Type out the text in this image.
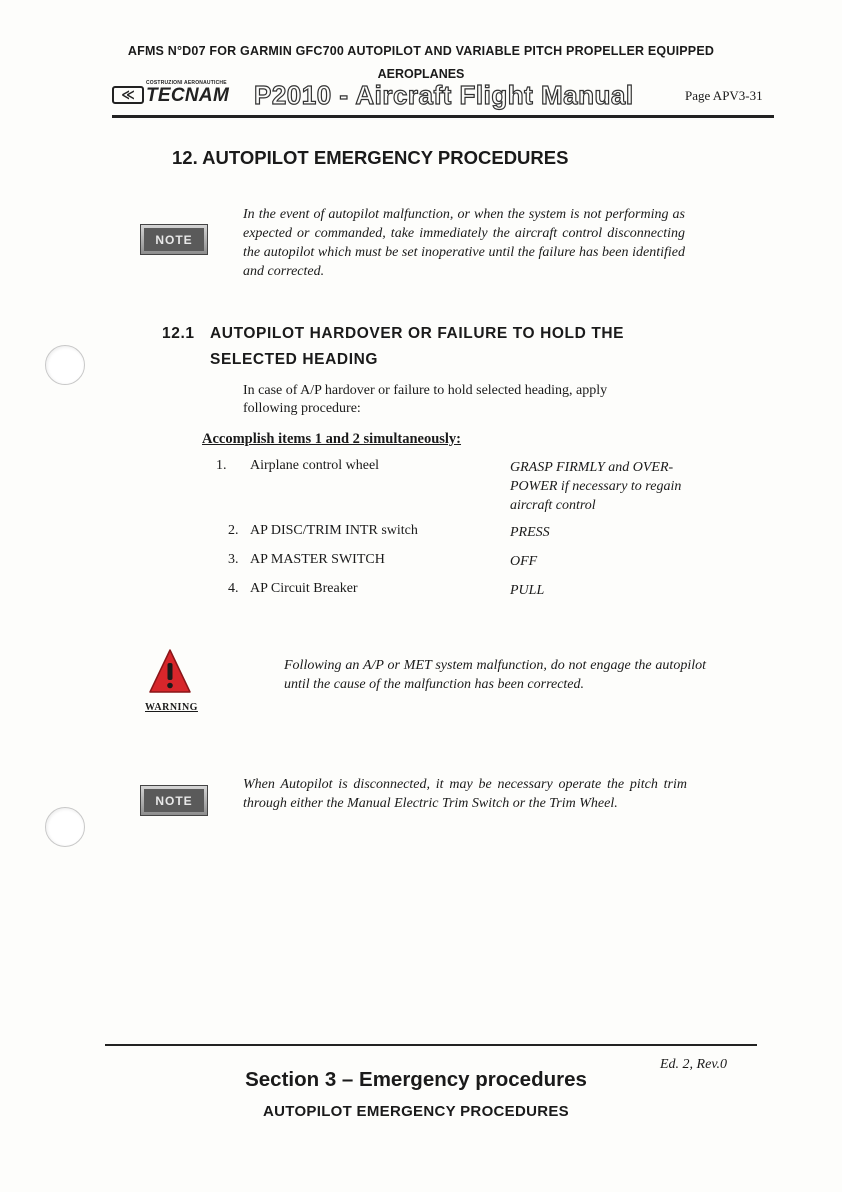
AFMS N°D07 FOR GARMIN GFC700 AUTOPILOT AND VARIABLE PITCH PROPELLER EQUIPPED
AEROPLANES
COSTRUZIONI AERONAUTICHE
≪ TECNAM P2010 - Aircraft Flight Manual	Page APV3-31
12. AUTOPILOT EMERGENCY PROCEDURES
NOTE
In the event of autopilot malfunction, or when the system is not performing as expected or commanded, take immediately the aircraft control disconnecting the autopilot which must be set inoperative until the failure has been identified and corrected.
12.1 AUTOPILOT HARDOVER OR FAILURE TO HOLD THE
SELECTED HEADING
In case of A/P hardover or failure to hold selected heading, apply following procedure:
Accomplish items 1 and 2 simultaneously:
1. Airplane control wheel	GRASP FIRMLY and OVER-POWER if necessary to regain aircraft control
2. AP DISC/TRIM INTR switch	PRESS
3. AP MASTER SWITCH	OFF
4. AP Circuit Breaker	PULL
WARNING
Following an A/P or MET system malfunction, do not engage the autopilot until the cause of the malfunction has been corrected.
NOTE
When Autopilot is disconnected, it may be necessary operate the pitch trim through either the Manual Electric Trim Switch or the Trim Wheel.
Ed. 2, Rev.0
Section 3 – Emergency procedures
AUTOPILOT EMERGENCY PROCEDURES
